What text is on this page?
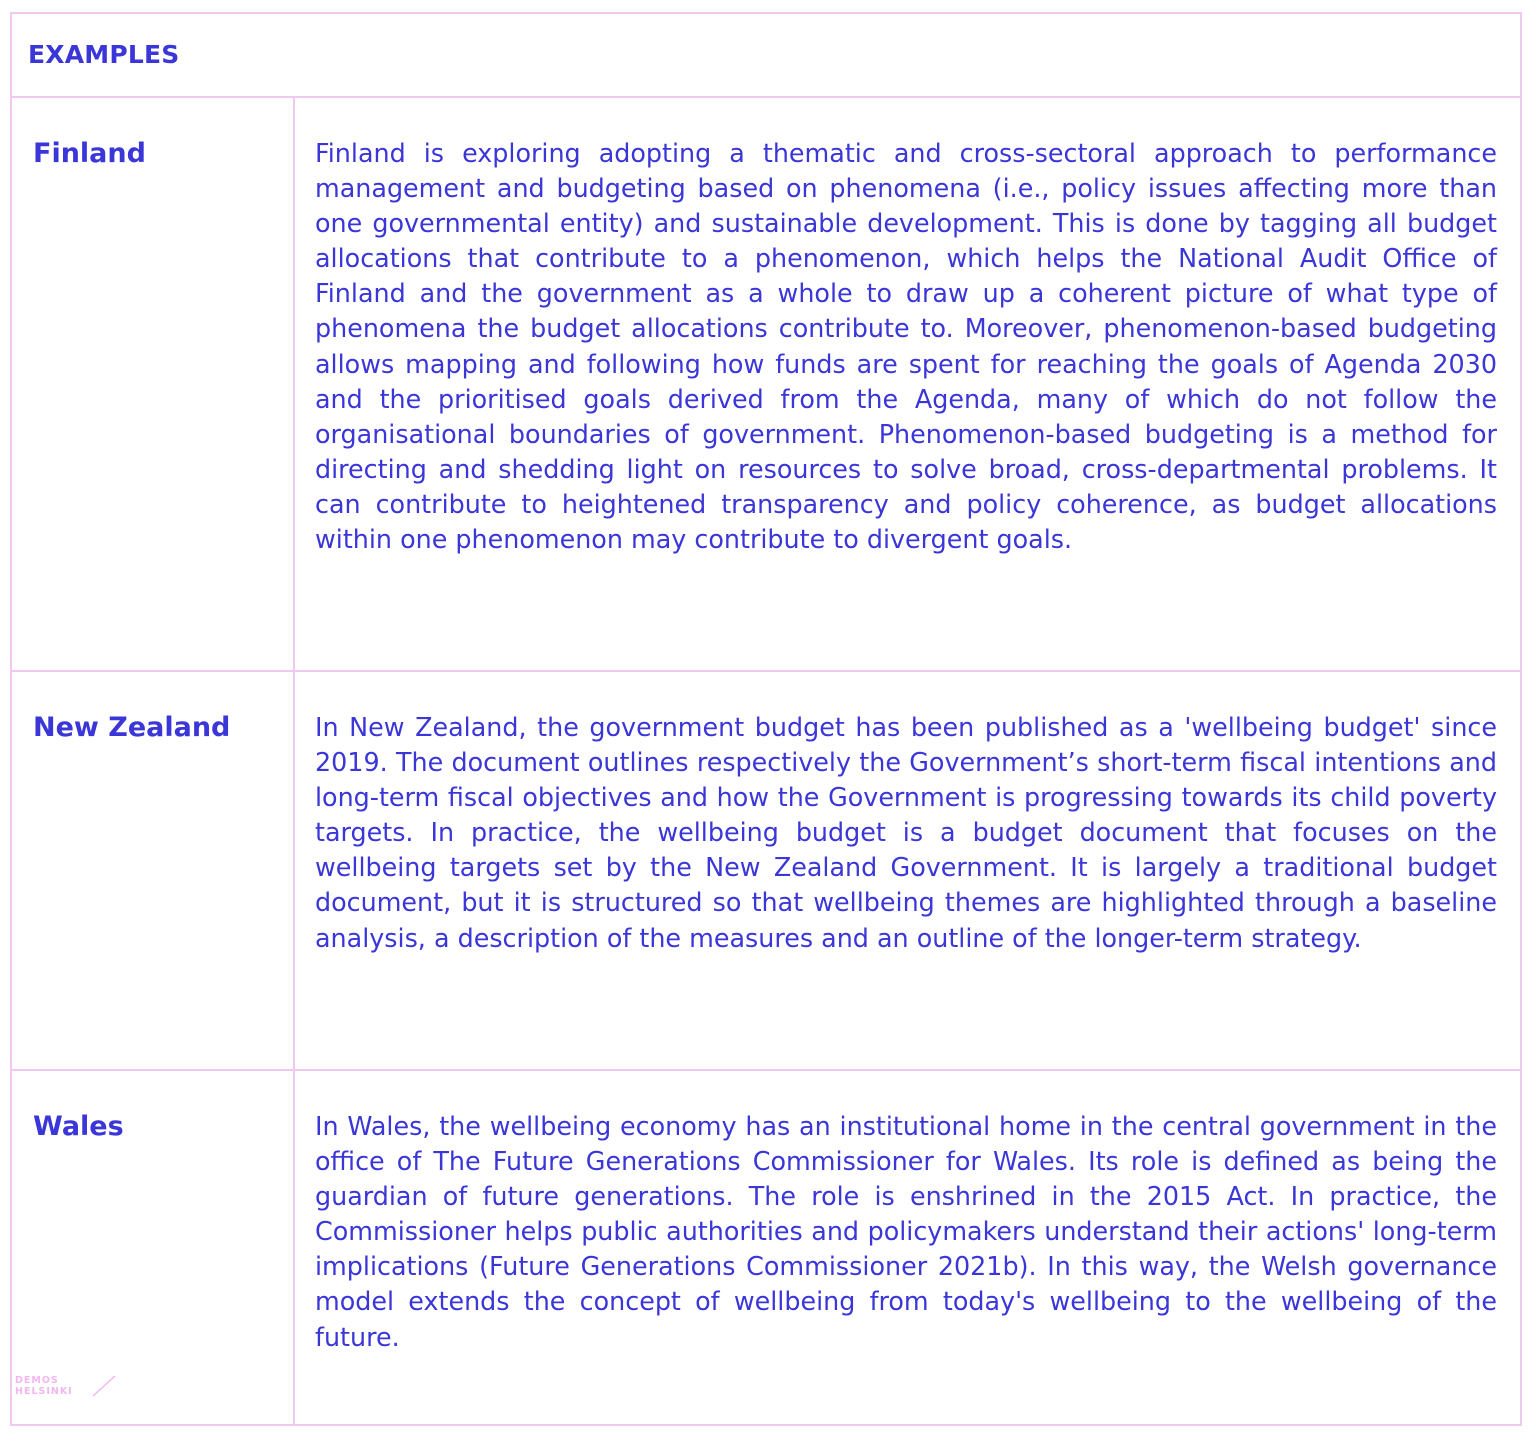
EXAMPLES
Finland	Finland is exploring adopting a thematic and cross-sectoral approach to performance management and budgeting based on phenomena (i.e., policy issues affecting more than one governmental entity) and sustainable development. This is done by tagging all budget allocations that contribute to a phenomenon, which helps the National Audit Office of Finland and the government as a whole to draw up a coherent picture of what type of phenomena the budget allocations contribute to. Moreover, phenomenon-based budgeting allows mapping and following how funds are spent for reaching the goals of Agenda 2030 and the prioritised goals derived from the Agenda, many of which do not follow the organisational boundaries of government. Phenomenon-based budgeting is a method for directing and shedding light on resources to solve broad, cross-departmental problems. It can contribute to heightened transparency and policy coherence, as budget allocations within one phenomenon may contribute to divergent goals.

New Zealand	In New Zealand, the government budget has been published as a 'wellbeing budget' since 2019. The document outlines respectively the Government’s short-term fiscal intentions and long-term fiscal objectives and how the Government is progressing towards its child poverty targets. In practice, the wellbeing budget is a budget document that focuses on the wellbeing targets set by the New Zealand Government. It is largely a traditional budget document, but it is structured so that wellbeing themes are highlighted through a baseline analysis, a description of the measures and an outline of the longer-term strategy.

Wales	In Wales, the wellbeing economy has an institutional home in the central government in the office of The Future Generations Commissioner for Wales. Its role is defined as being the guardian of future generations. The role is enshrined in the 2015 Act. In practice, the Commissioner helps public authorities and policymakers understand their actions' long-term implications (Future Generations Commissioner 2021b). In this way, the Welsh governance model extends the concept of wellbeing from today's wellbeing to the wellbeing of the future.

DEMOS
HELSINKI
